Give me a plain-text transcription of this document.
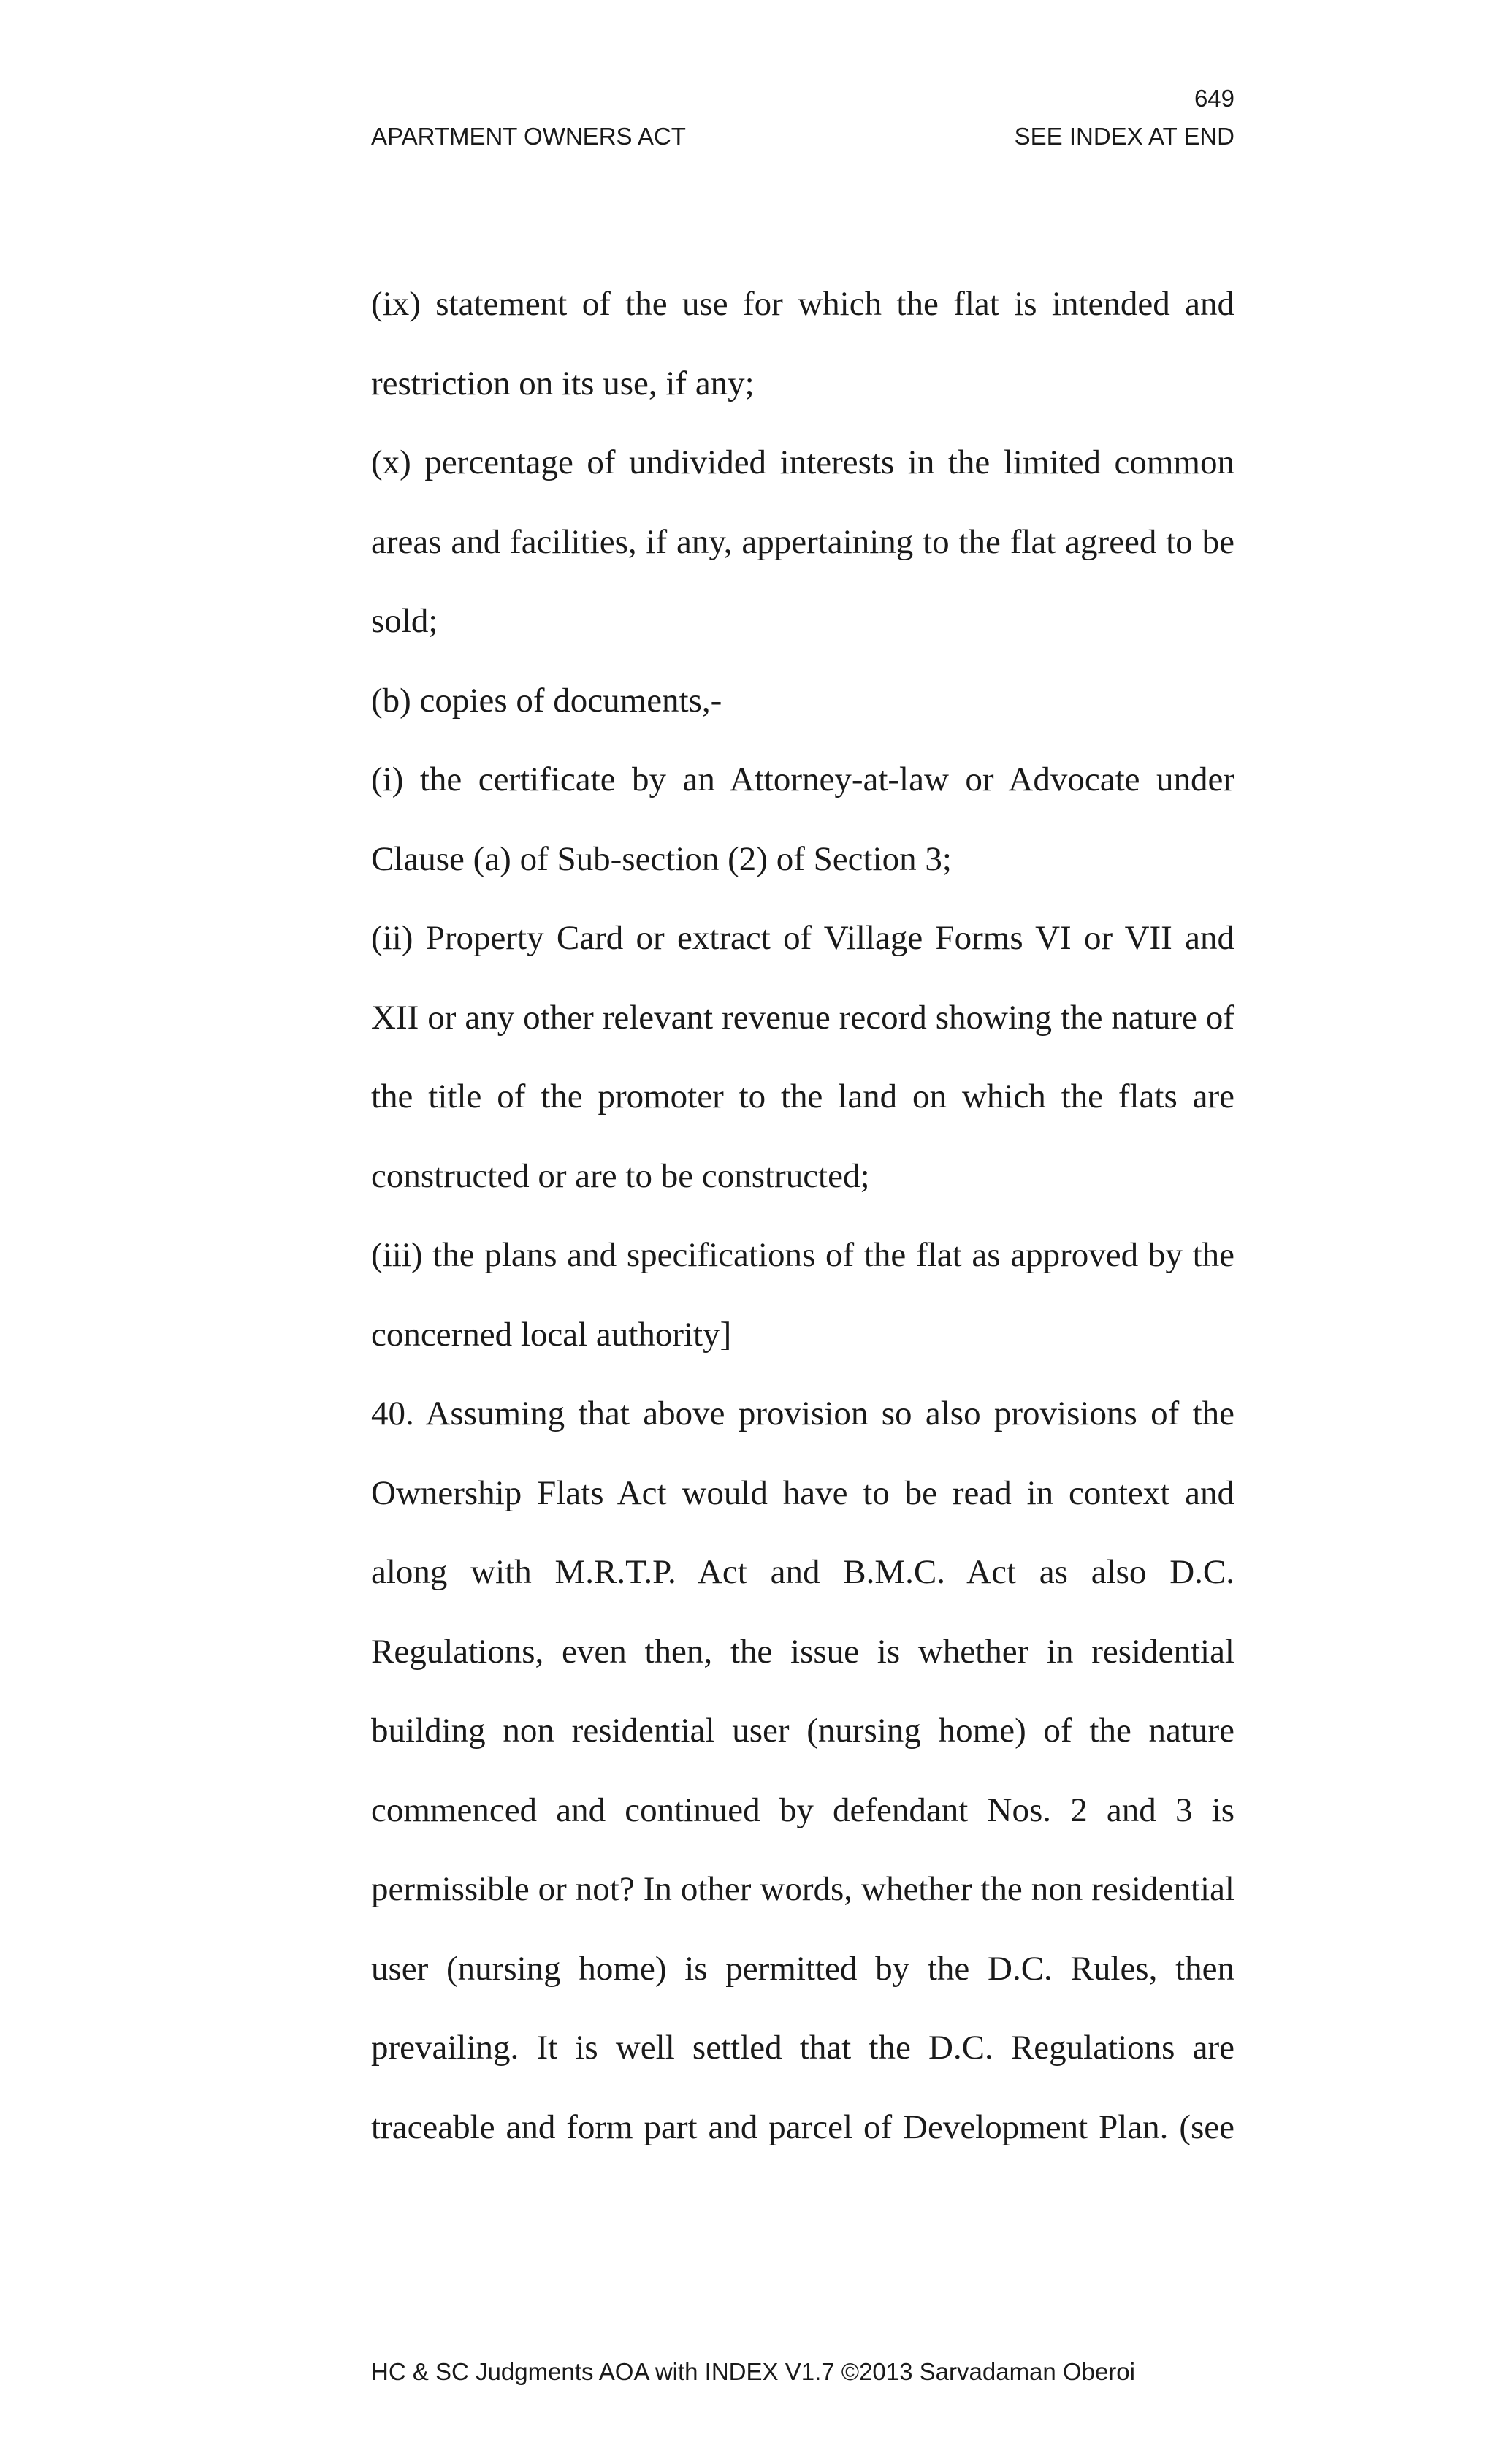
649
APARTMENT OWNERS ACT	SEE INDEX AT END

(ix) statement of the use for which the flat is intended and restriction on its use, if any;

(x) percentage of undivided interests in the limited common areas and facilities, if any, appertaining to the flat agreed to be sold;

(b) copies of documents,-

(i) the certificate by an Attorney-at-law or Advocate under Clause (a) of Sub-section (2) of Section 3;

(ii) Property Card or extract of Village Forms VI or VII and XII or any other relevant revenue record showing the nature of the title of the promoter to the land on which the flats are constructed or are to be constructed;

(iii) the plans and specifications of the flat as approved by the concerned local authority]

40. Assuming that above provision so also provisions of the Ownership Flats Act would have to be read in context and along with M.R.T.P. Act and B.M.C. Act as also D.C. Regulations, even then, the issue is whether in residential building non residential user (nursing home) of the nature commenced and continued by defendant Nos. 2 and 3 is permissible or not? In other words, whether the non residential user (nursing home) is permitted by the D.C. Rules, then prevailing. It is well settled that the D.C. Regulations are traceable and form part and parcel of Development Plan. (see

HC & SC Judgments AOA with INDEX V1.7 ©2013 Sarvadaman Oberoi
